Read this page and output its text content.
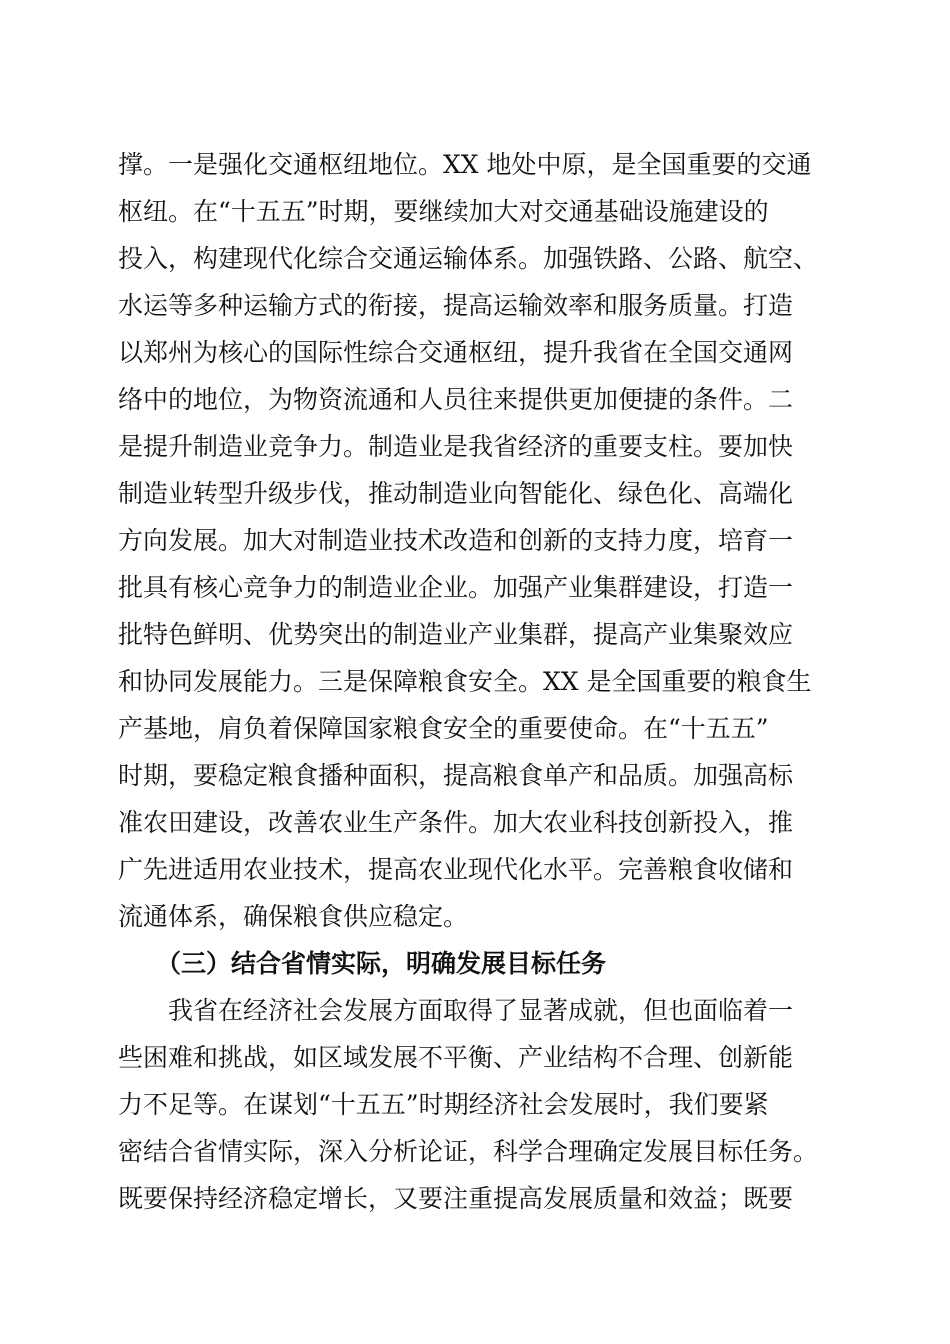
撑。一是强化交通枢纽地位。XX 地处中原，是全国重要的交通
枢纽。在“十五五”时期，要继续加大对交通基础设施建设的
投入，构建现代化综合交通运输体系。加强铁路、公路、航空、
水运等多种运输方式的衔接，提高运输效率和服务质量。打造
以郑州为核心的国际性综合交通枢纽，提升我省在全国交通网
络中的地位，为物资流通和人员往来提供更加便捷的条件。二
是提升制造业竞争力。制造业是我省经济的重要支柱。要加快
制造业转型升级步伐，推动制造业向智能化、绿色化、高端化
方向发展。加大对制造业技术改造和创新的支持力度，培育一
批具有核心竞争力的制造业企业。加强产业集群建设，打造一
批特色鲜明、优势突出的制造业产业集群，提高产业集聚效应
和协同发展能力。三是保障粮食安全。XX 是全国重要的粮食生
产基地，肩负着保障国家粮食安全的重要使命。在“十五五”
时期，要稳定粮食播种面积，提高粮食单产和品质。加强高标
准农田建设，改善农业生产条件。加大农业科技创新投入，推
广先进适用农业技术，提高农业现代化水平。完善粮食收储和
流通体系，确保粮食供应稳定。
（三）结合省情实际，明确发展目标任务
我省在经济社会发展方面取得了显著成就，但也面临着一
些困难和挑战，如区域发展不平衡、产业结构不合理、创新能
力不足等。在谋划“十五五”时期经济社会发展时，我们要紧
密结合省情实际，深入分析论证，科学合理确定发展目标任务。
既要保持经济稳定增长，又要注重提高发展质量和效益；既要
